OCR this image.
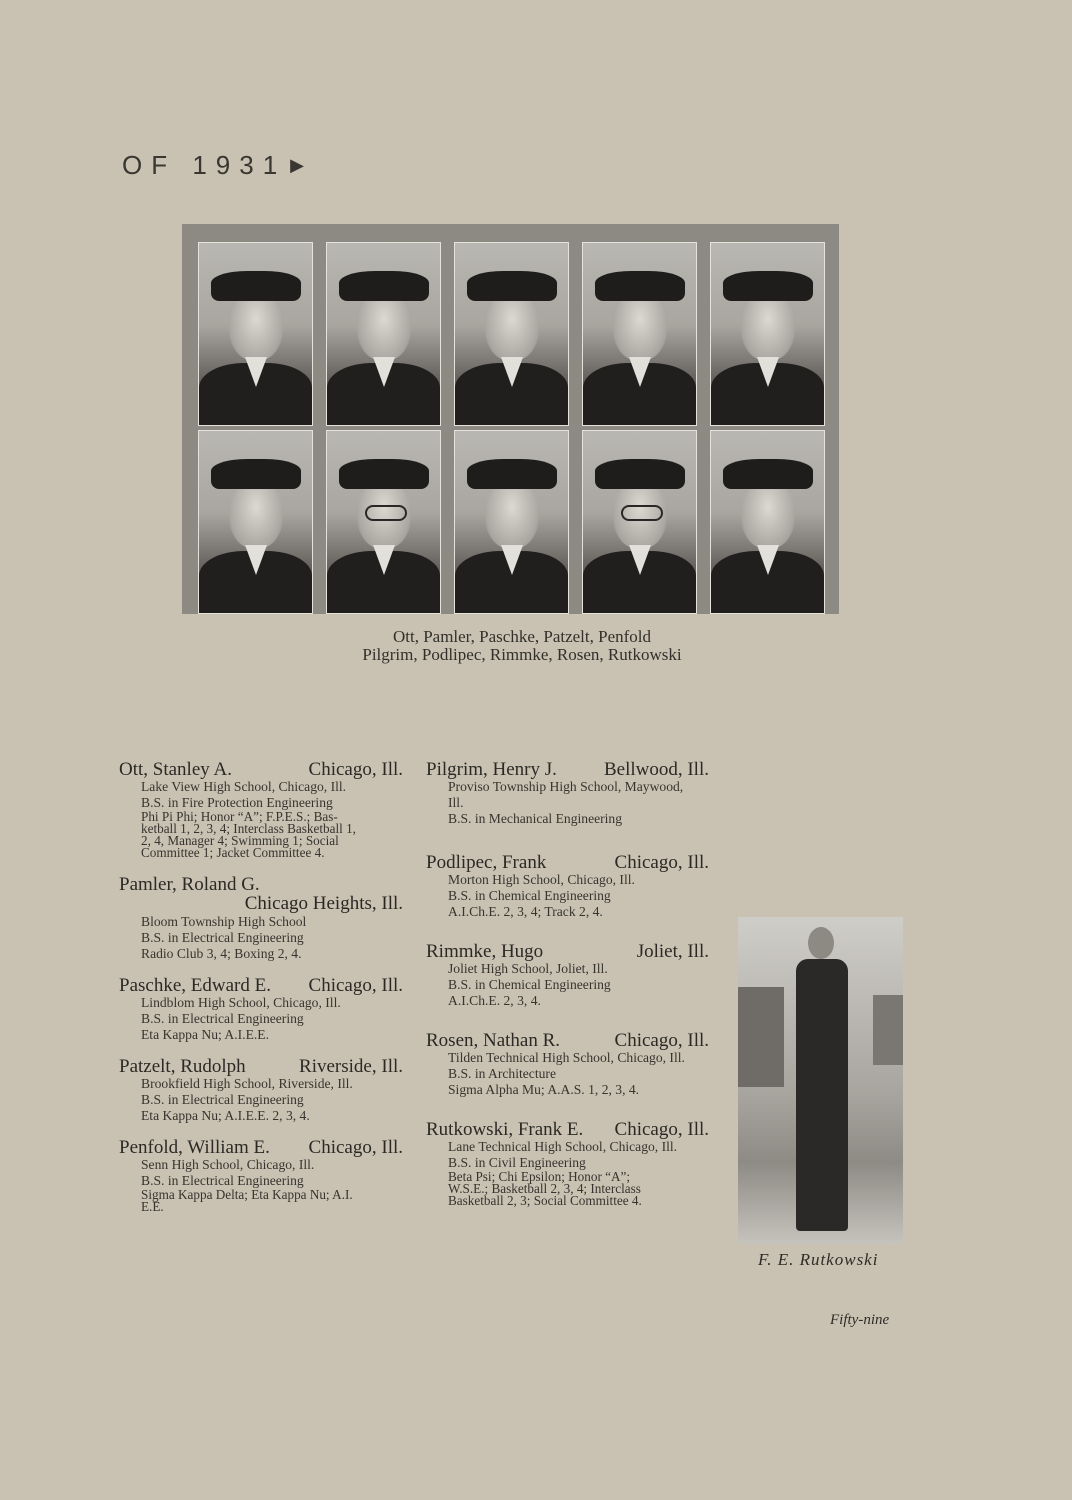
OF 1931 ▶
Ott, Pamler, Paschke, Patzelt, Penfold
Pilgrim, Podlipec, Rimmke, Rosen, Rutkowski
Ott, Stanley A.	Chicago, Ill.
Lake View High School, Chicago, Ill.
B.S. in Fire Protection Engineering
Phi Pi Phi; Honor “A”; F.P.E.S.; Bas-
ketball 1, 2, 3, 4; Interclass Basketball 1,
2, 4, Manager 4; Swimming 1; Social
Committee 1; Jacket Committee 4.
Pamler, Roland G.
Chicago Heights, Ill.
Bloom Township High School
B.S. in Electrical Engineering
Radio Club 3, 4; Boxing 2, 4.
Paschke, Edward E. Chicago, Ill.
Lindblom High School, Chicago, Ill.
B.S. in Electrical Engineering
Eta Kappa Nu; A.I.E.E.
Patzelt, Rudolph	Riverside, Ill.
Brookfield High School, Riverside, Ill.
B.S. in Electrical Engineering
Eta Kappa Nu; A.I.E.E. 2, 3, 4.
Penfold, William E. Chicago, Ill.
Senn High School, Chicago, Ill.
B.S. in Electrical Engineering
Sigma Kappa Delta; Eta Kappa Nu; A.I.
E.E.
Pilgrim, Henry J. Bellwood, Ill.
Proviso Township High School, Maywood,
Ill.
B.S. in Mechanical Engineering
Podlipec, Frank	Chicago, Ill.
Morton High School, Chicago, Ill.
B.S. in Chemical Engineering
A.I.Ch.E. 2, 3, 4; Track 2, 4.
Rimmke, Hugo	Joliet, Ill.
Joliet High School, Joliet, Ill.
B.S. in Chemical Engineering
A.I.Ch.E. 2, 3, 4.
Rosen, Nathan R.	Chicago, Ill.
Tilden Technical High School, Chicago, Ill.
B.S. in Architecture
Sigma Alpha Mu; A.A.S. 1, 2, 3, 4.
Rutkowski, Frank E. Chicago, Ill.
Lane Technical High School, Chicago, Ill.
B.S. in Civil Engineering
Beta Psi; Chi Epsilon; Honor “A”;
W.S.E.; Basketball 2, 3, 4; Interclass
Basketball 2, 3; Social Committee 4.
F. E. Rutkowski
Fifty-nine
